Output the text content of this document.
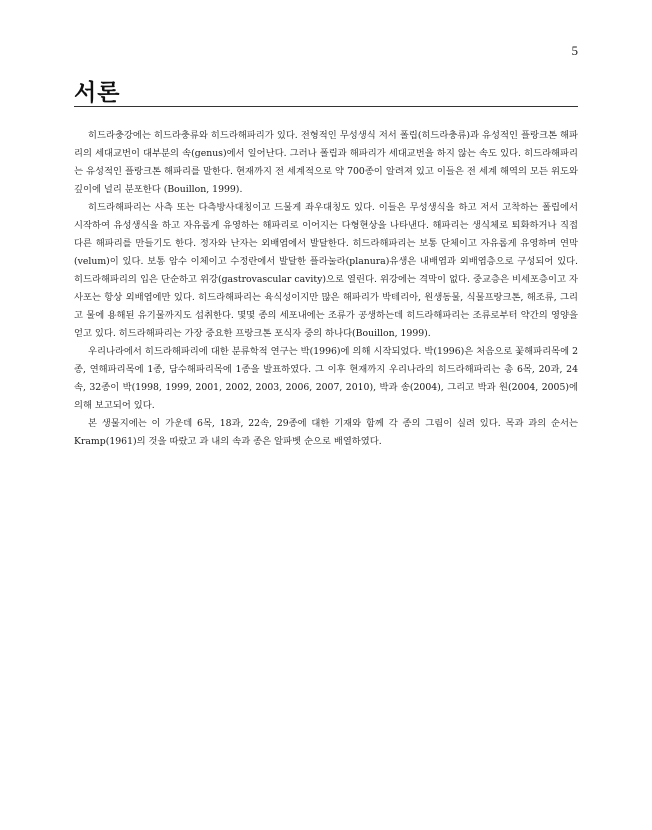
5
서론

히드라충강에는 히드라충류와 히드라해파리가 있다. 전형적인 무성생식 저서 폴립(히드라충류)과 유성적인 플랑크톤 해파리의 세대교번이 대부분의 속(genus)에서 일어난다. 그러나 폴립과 해파리가 세대교번을 하지 않는 속도 있다. 히드라해파리는 유성적인 플랑크톤 해파리를 말한다. 현재까지 전 세계적으로 약 700종이 알려져 있고 이들은 전 세계 해역의 모든 위도와 깊이에 널리 분포한다 (Bouillon, 1999).

히드라해파리는 사측 또는 다측방사대칭이고 드물게 좌우대칭도 있다. 이들은 무성생식을 하고 저서 고착하는 폴립에서 시작하여 유성생식을 하고 자유롭게 유영하는 해파리로 이어지는 다형현상을 나타낸다. 해파리는 생식체로 퇴화하거나 직접 다른 해파리를 만들기도 한다. 정자와 난자는 외배엽에서 발달한다. 히드라해파리는 보통 단체이고 자유롭게 유영하며 연막(velum)이 있다. 보통 암수 이체이고 수정란에서 발달한 플라눌라(planura)유생은 내배엽과 외배엽층으로 구성되어 있다. 히드라해파리의 입은 단순하고 위강(gastrovascular cavity)으로 열린다. 위강에는 격막이 없다. 중교층은 비세포층이고 자사포는 항상 외배엽에만 있다. 히드라해파리는 육식성이지만 많은 해파리가 박테리아, 원생동물, 식물프랑크톤, 해조류, 그리고 물에 용해된 유기물까지도 섭취한다. 몇몇 종의 세포내에는 조류가 공생하는데 히드라해파리는 조류로부터 약간의 영양을 얻고 있다. 히드라해파리는 가장 중요한 프랑크톤 포식자 중의 하나다(Bouillon, 1999).

우리나라에서 히드라해파리에 대한 분류학적 연구는 박(1996)에 의해 시작되었다. 박(1996)은 처음으로 꽃해파리목에 2종, 연해파리목에 1종, 담수해파리목에 1종을 발표하였다. 그 이후 현재까지 우리나라의 히드라해파리는 총 6목, 20과, 24속, 32종이 박(1998, 1999, 2001, 2002, 2003, 2006, 2007, 2010), 박과 송(2004), 그리고 박과 원(2004, 2005)에 의해 보고되어 있다.

본 생물지에는 이 가운데 6목, 18과, 22속, 29종에 대한 기재와 함께 각 종의 그림이 실려 있다. 목과 과의 순서는 Kramp(1961)의 것을 따랐고 과 내의 속과 종은 알파벳 순으로 배열하였다.
